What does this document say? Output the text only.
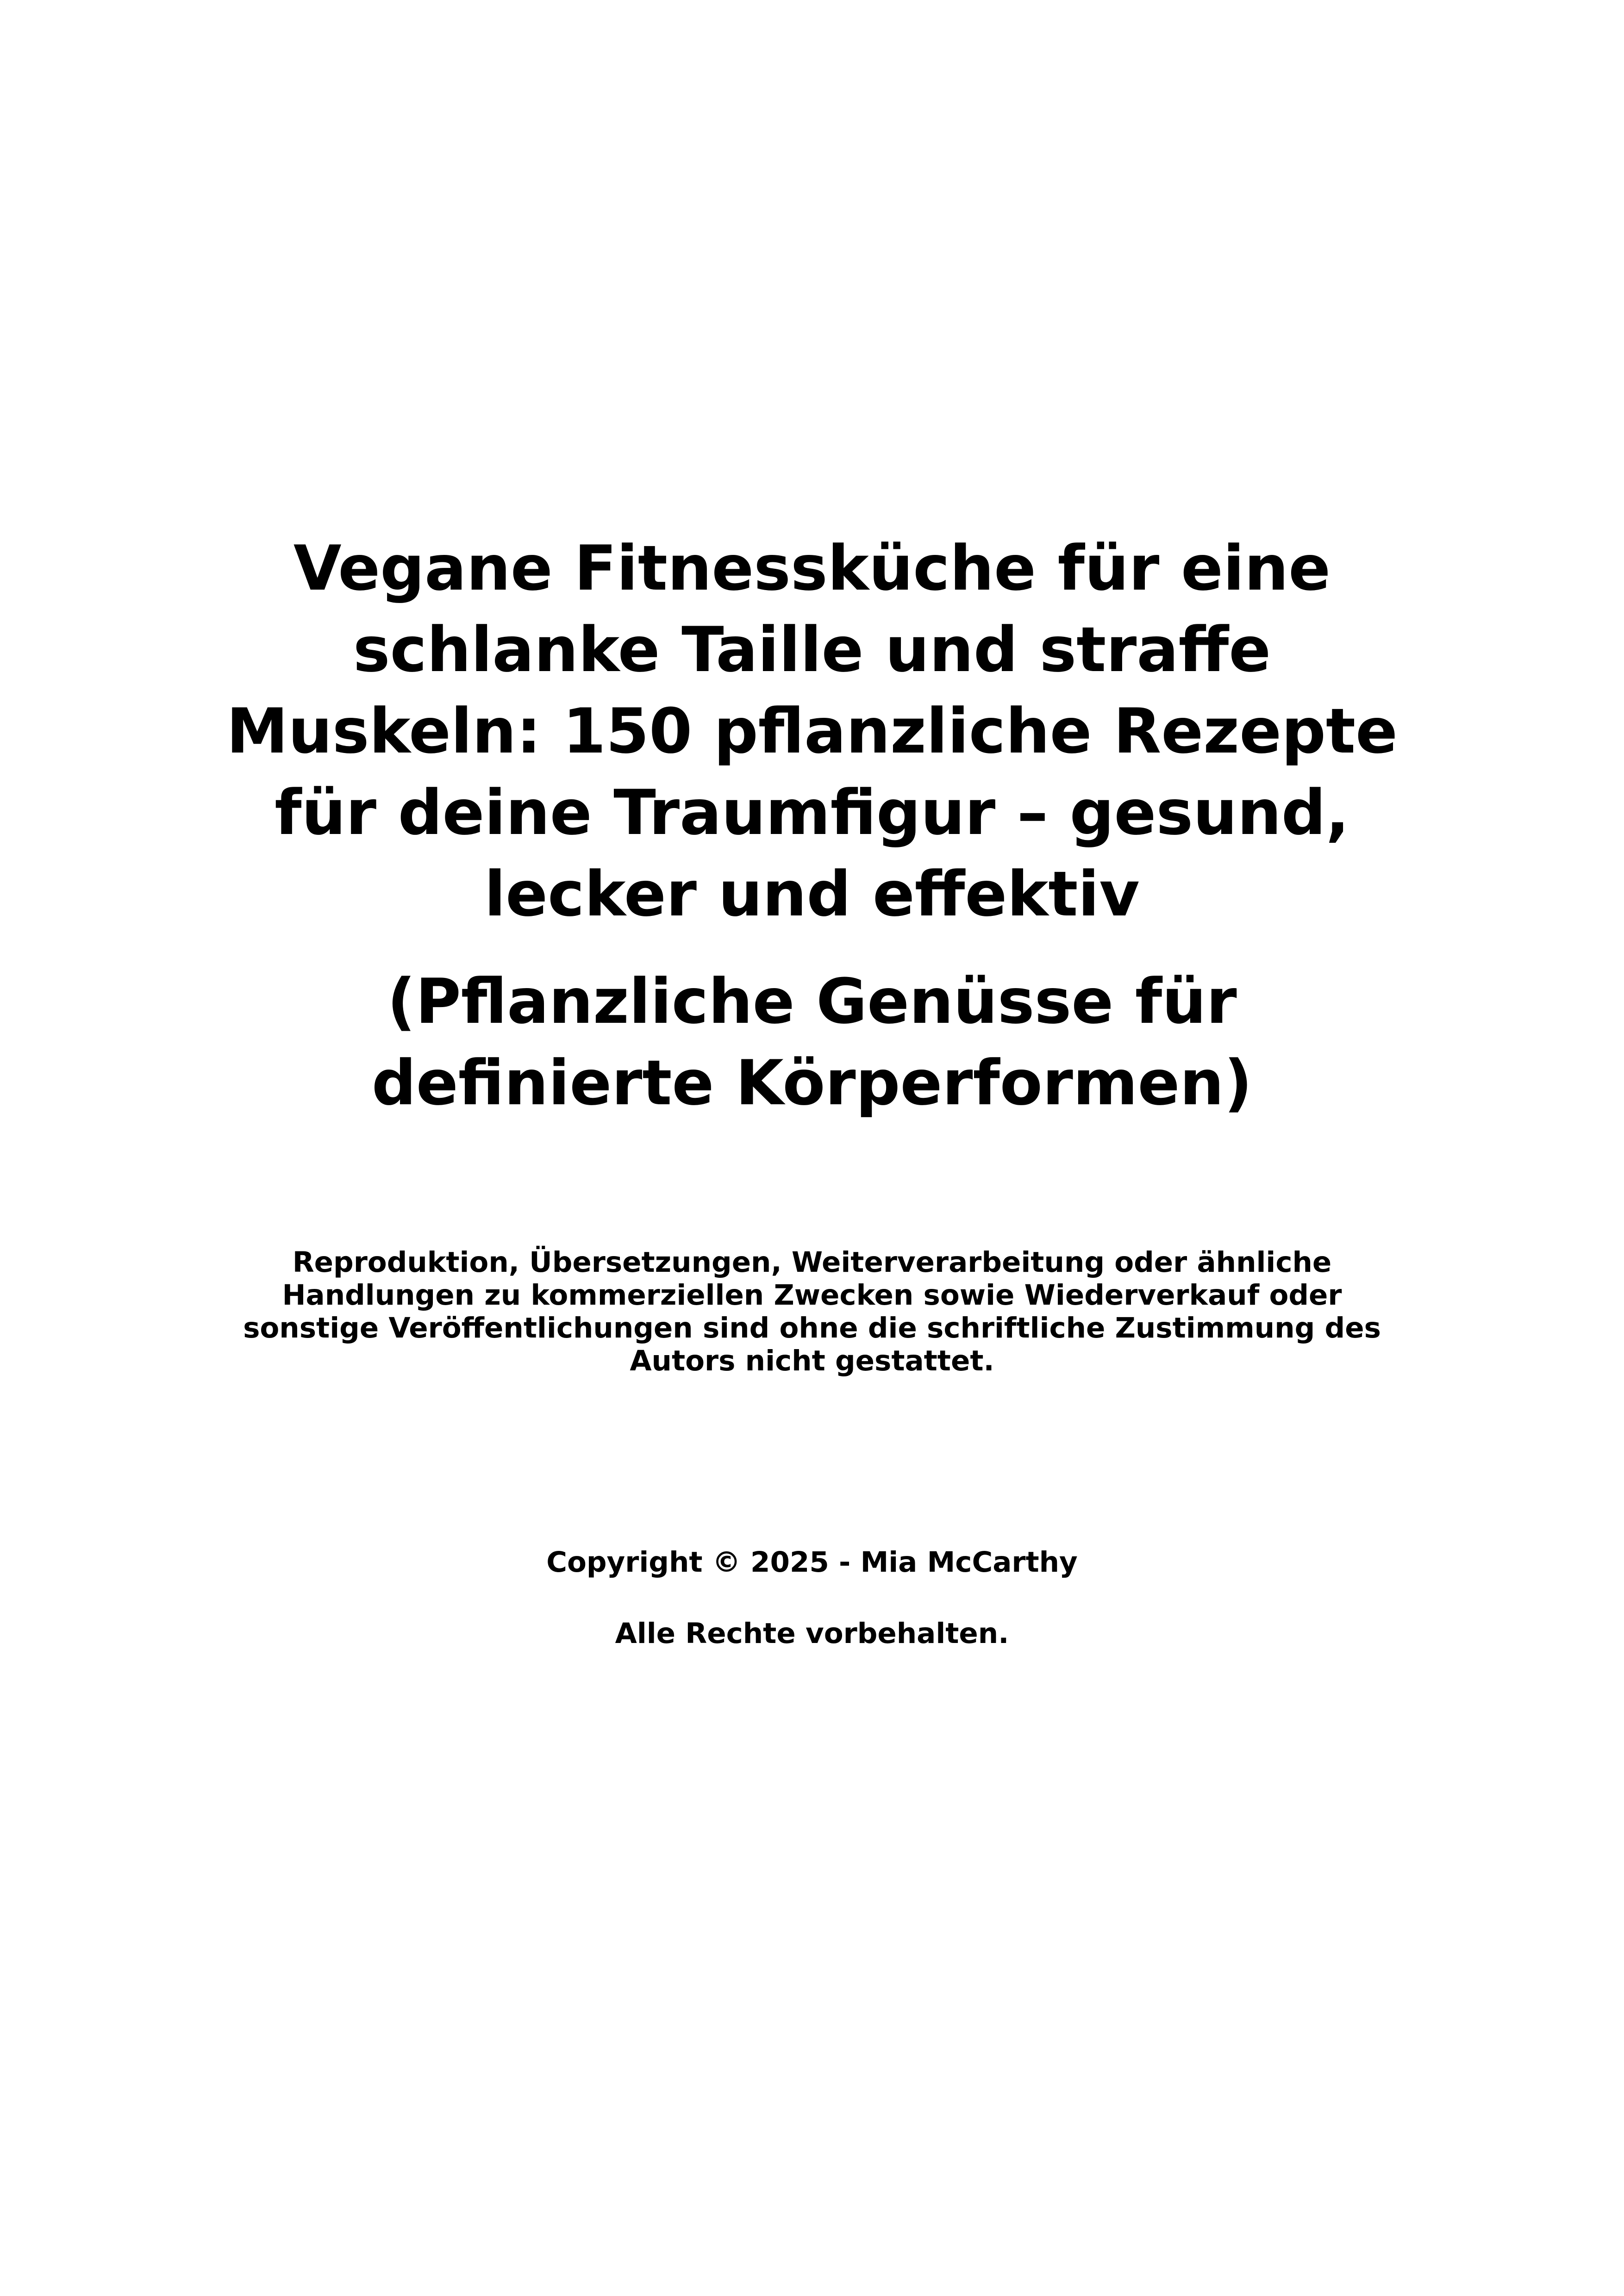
Vegane Fitnessküche für eine
schlanke Taille und straffe
Muskeln: 150 pflanzliche Rezepte
für deine Traumfigur – gesund,
lecker und effektiv
(Pflanzliche Genüsse für
definierte Körperformen)

Reproduktion, Übersetzungen, Weiterverarbeitung oder ähnliche
Handlungen zu kommerziellen Zwecken sowie Wiederverkauf oder
sonstige Veröffentlichungen sind ohne die schriftliche Zustimmung des
Autors nicht gestattet.

Copyright © 2025 - Mia McCarthy

Alle Rechte vorbehalten.
